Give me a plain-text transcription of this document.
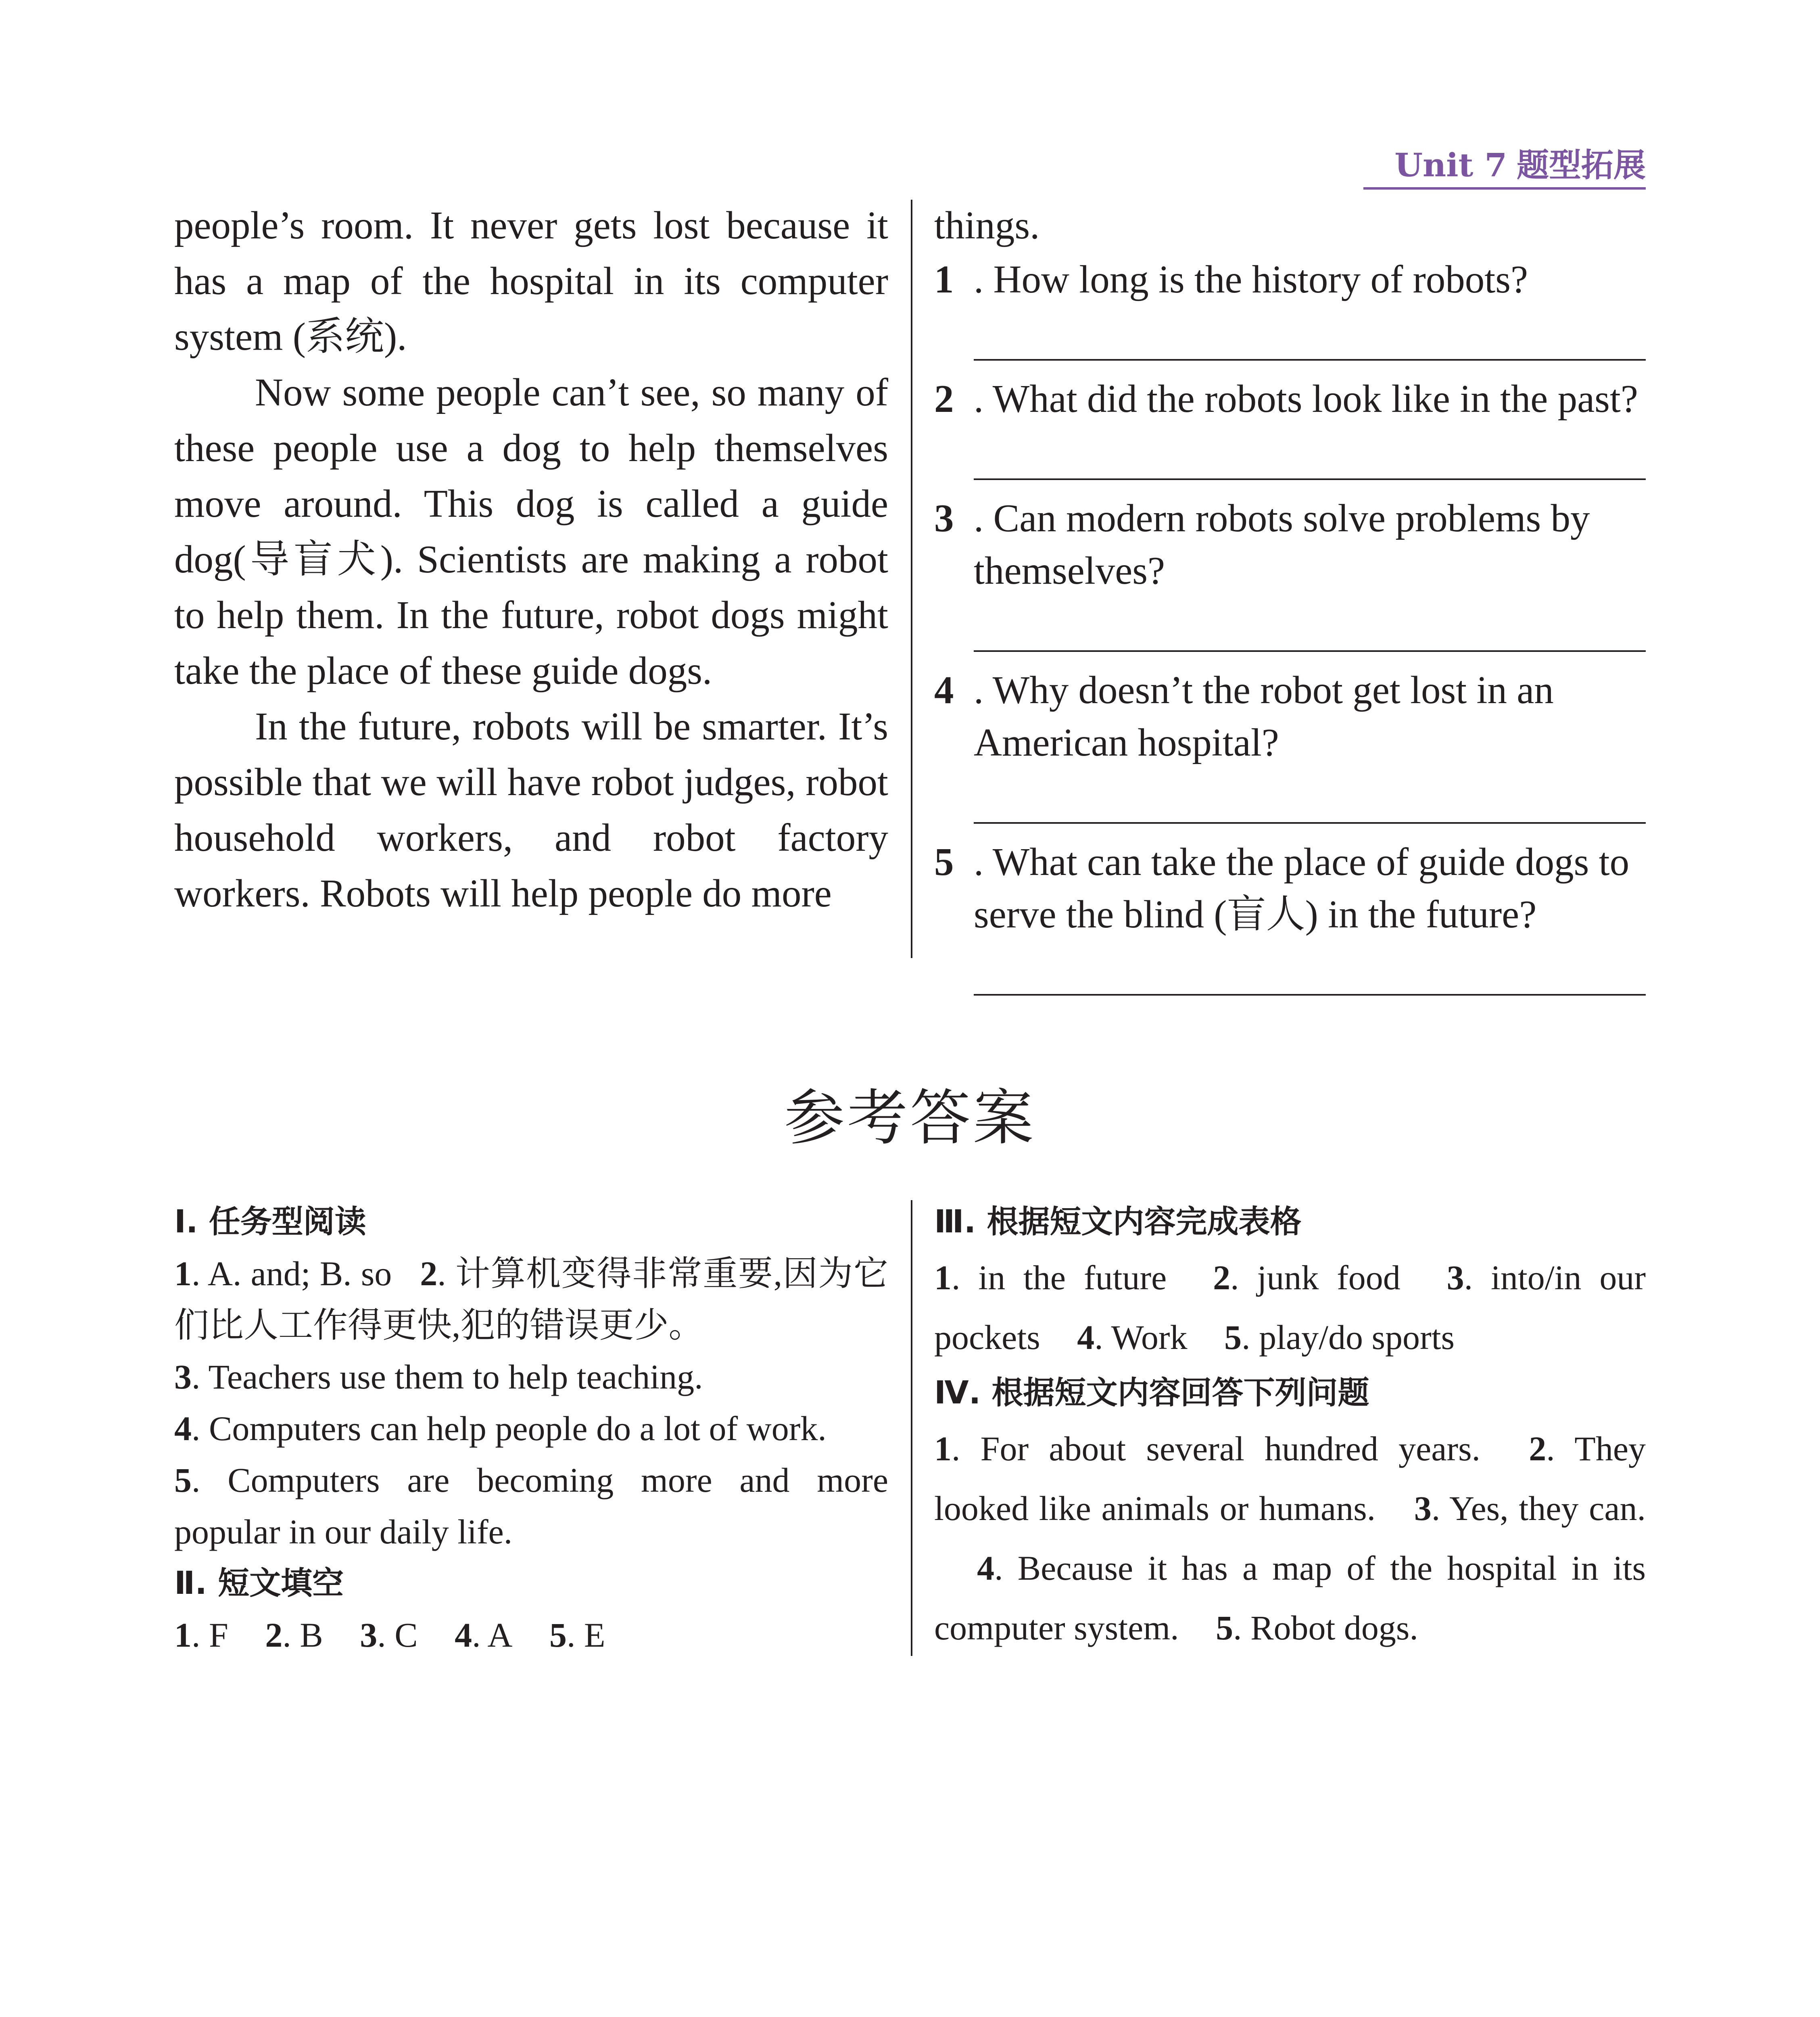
Unit 7 题型拓展

people’s room. It never gets lost because it has a map of the hospital in its computer system (系统).

Now some people can’t see, so many of these people use a dog to help themselves move around. This dog is called a guide dog(导盲犬). Scientists are making a robot to help them. In the future, robot dogs might take the place of these guide dogs.

In the future, robots will be smarter. It’s possible that we will have robot judges, robot household workers, and robot factory workers. Robots will help people do more

things.

1 . How long is the history of robots?
2 . What did the robots look like in the past?
3 . Can modern robots solve problems by themselves?
4 . Why doesn’t the robot get lost in an American hospital?
5 . What can take the place of guide dogs to serve the blind (盲人) in the future?
参考答案

Ⅰ. 任务型阅读

1. A. and; B. so 2. 计算机变得非常重要,因为它们比人工作得更快,犯的错误更少。

3. Teachers use them to help teaching.

4. Computers can help people do a lot of work.

5. Computers are becoming more and more popular in our daily life.

Ⅱ. 短文填空

1. F 2. B 3. C 4. A 5. E

Ⅲ. 根据短文内容完成表格

1. in the future 2. junk food 3. into/in our pockets 4. Work 5. play/do sports

Ⅳ. 根据短文内容回答下列问题

1. For about several hundred years. 2. They looked like animals or humans. 3. Yes, they can. 4. Because it has a map of the hospital in its computer system. 5. Robot dogs.
